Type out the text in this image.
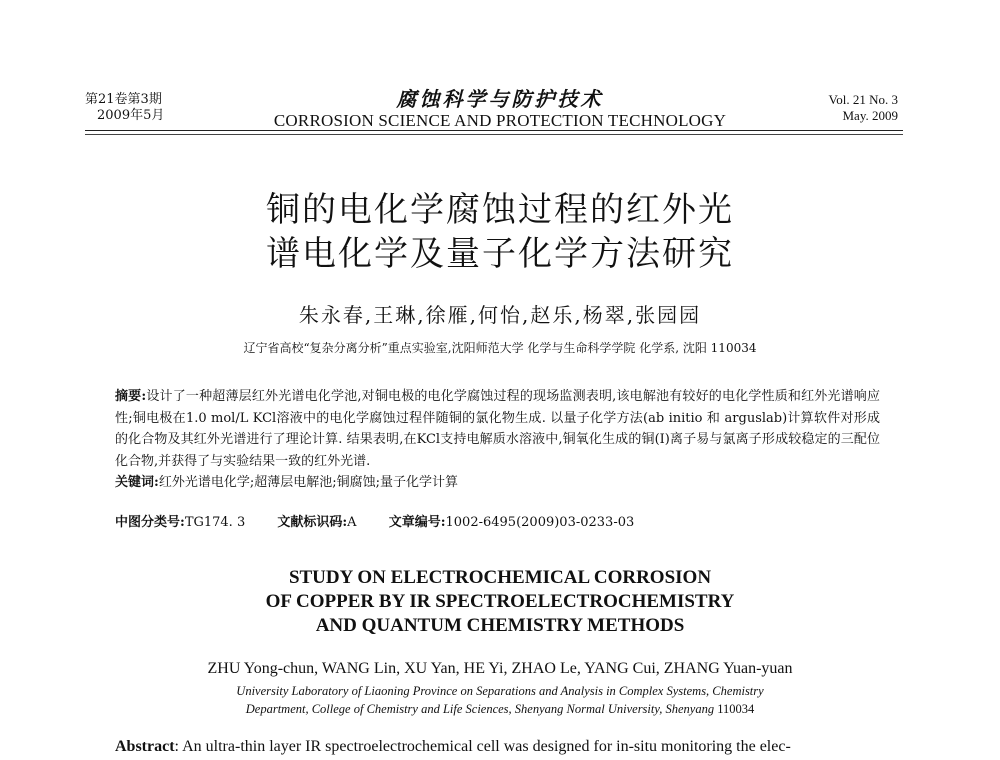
第21卷第3期
2009年5月
腐蚀科学与防护技术
CORROSION SCIENCE AND PROTECTION TECHNOLOGY
Vol. 21 No. 3
May. 2009
铜的电化学腐蚀过程的红外光
谱电化学及量子化学方法研究
朱永春,王琳,徐雁,何怡,赵乐,杨翠,张园园
辽宁省高校“复杂分离分析”重点实验室,沈阳师范大学 化学与生命科学学院 化学系, 沈阳 110034
摘要:设计了一种超薄层红外光谱电化学池,对铜电极的电化学腐蚀过程的现场监测表明,该电解池有较好的电化学性质和红外光谱响应性;铜电极在1.0 mol/L KCl溶液中的电化学腐蚀过程伴随铜的氯化物生成. 以量子化学方法(ab initio 和 arguslab)计算软件对形成的化合物及其红外光谱进行了理论计算. 结果表明,在KCl支持电解质水溶液中,铜氧化生成的铜(I)离子易与氯离子形成较稳定的三配位化合物,并获得了与实验结果一致的红外光谱.
关键词:红外光谱电化学;超薄层电解池;铜腐蚀;量子化学计算
中图分类号:TG174. 3 文献标识码:A 文章编号:1002-6495(2009)03-0233-03
STUDY ON ELECTROCHEMICAL CORROSION
OF COPPER BY IR SPECTROELECTROCHEMISTRY
AND QUANTUM CHEMISTRY METHODS
ZHU Yong-chun, WANG Lin, XU Yan, HE Yi, ZHAO Le, YANG Cui, ZHANG Yuan-yuan
University Laboratory of Liaoning Province on Separations and Analysis in Complex Systems, Chemistry
Department, College of Chemistry and Life Sciences, Shenyang Normal University, Shenyang 110034
Abstract: An ultra-thin layer IR spectroelectrochemical cell was designed for in-situ monitoring the elec-
